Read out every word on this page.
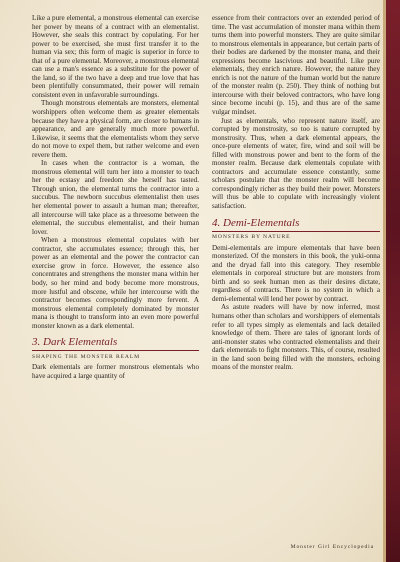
Like a pure elemental, a monstrous elemental can exercise her power by means of a contract with an elementalist. However, she seals this contract by copulating. For her power to be exercised, she must first transfer it to the human via sex; this form of magic is superior in force to that of a pure elemental. Moreover, a monstrous elemental can use a man's essence as a substitute for the power of the land, so if the two have a deep and true love that has been plentifully consummated, their power will remain consistent even in unfavorable surroundings.

Though monstrous elementals are monsters, elemental worshippers often welcome them as greater elementals because they have a physical form, are closer to humans in appearance, and are generally much more powerful. Likewise, it seems that the elementalists whom they serve do not move to expel them, but rather welcome and even revere them.

In cases when the contractor is a woman, the monstrous elemental will turn her into a monster to teach her the ecstasy and freedom she herself has tasted. Through union, the elemental turns the contractor into a succubus. The newborn succubus elementalist then uses her elemental power to assault a human man; thereafter, all intercourse will take place as a threesome between the elemental, the succubus elementalist, and their human lover.

When a monstrous elemental copulates with her contractor, she accumulates essence; through this, her power as an elemental and the power the contractor can exercise grow in force. However, the essence also concentrates and strengthens the monster mana within her body, so her mind and body become more monstrous, more lustful and obscene, while her intercourse with the contractor becomes correspondingly more fervent. A monstrous elemental completely dominated by monster mana is thought to transform into an even more powerful monster known as a dark elemental.

3. Dark Elementals
SHAPING THE MONSTER REALM

Dark elementals are former monstrous elementals who have acquired a large quantity of

essence from their contractors over an extended period of time. The vast accumulation of monster mana within them turns them into powerful monsters. They are quite similar to monstrous elementals in appearance, but certain parts of their bodies are darkened by the monster mana, and their expressions become lascivious and beautiful. Like pure elementals, they enrich nature. However, the nature they enrich is not the nature of the human world but the nature of the monster realm (p. 250). They think of nothing but intercourse with their beloved contractors, who have long since become incubi (p. 15), and thus are of the same vulgar mindset.

Just as elementals, who represent nature itself, are corrupted by monstrosity, so too is nature corrupted by monstrosity. Thus, when a dark elemental appears, the once-pure elements of water, fire, wind and soil will be filled with monstrous power and bent to the form of the monster realm. Because dark elementals copulate with contractors and accumulate essence constantly, some scholars postulate that the monster realm will become correspondingly richer as they build their power. Monsters will thus be able to copulate with increasingly violent satisfaction.

4. Demi-Elementals
MONSTERS BY NATURE

Demi-elementals are impure elementals that have been monsterized. Of the monsters in this book, the yuki-onna and the dryad fall into this category. They resemble elementals in corporeal structure but are monsters from birth and so seek human men as their desires dictate, regardless of contracts. There is no system in which a demi-elemental will lend her power by contract.

As astute readers will have by now inferred, most humans other than scholars and worshippers of elementals refer to all types simply as elementals and lack detailed knowledge of them. There are tales of ignorant lords of anti-monster states who contracted elementalists and their dark elementals to fight monsters. This, of course, resulted in the land soon being filled with the monsters, echoing moans of the monster realm.

Monster Girl Encyclopedia
